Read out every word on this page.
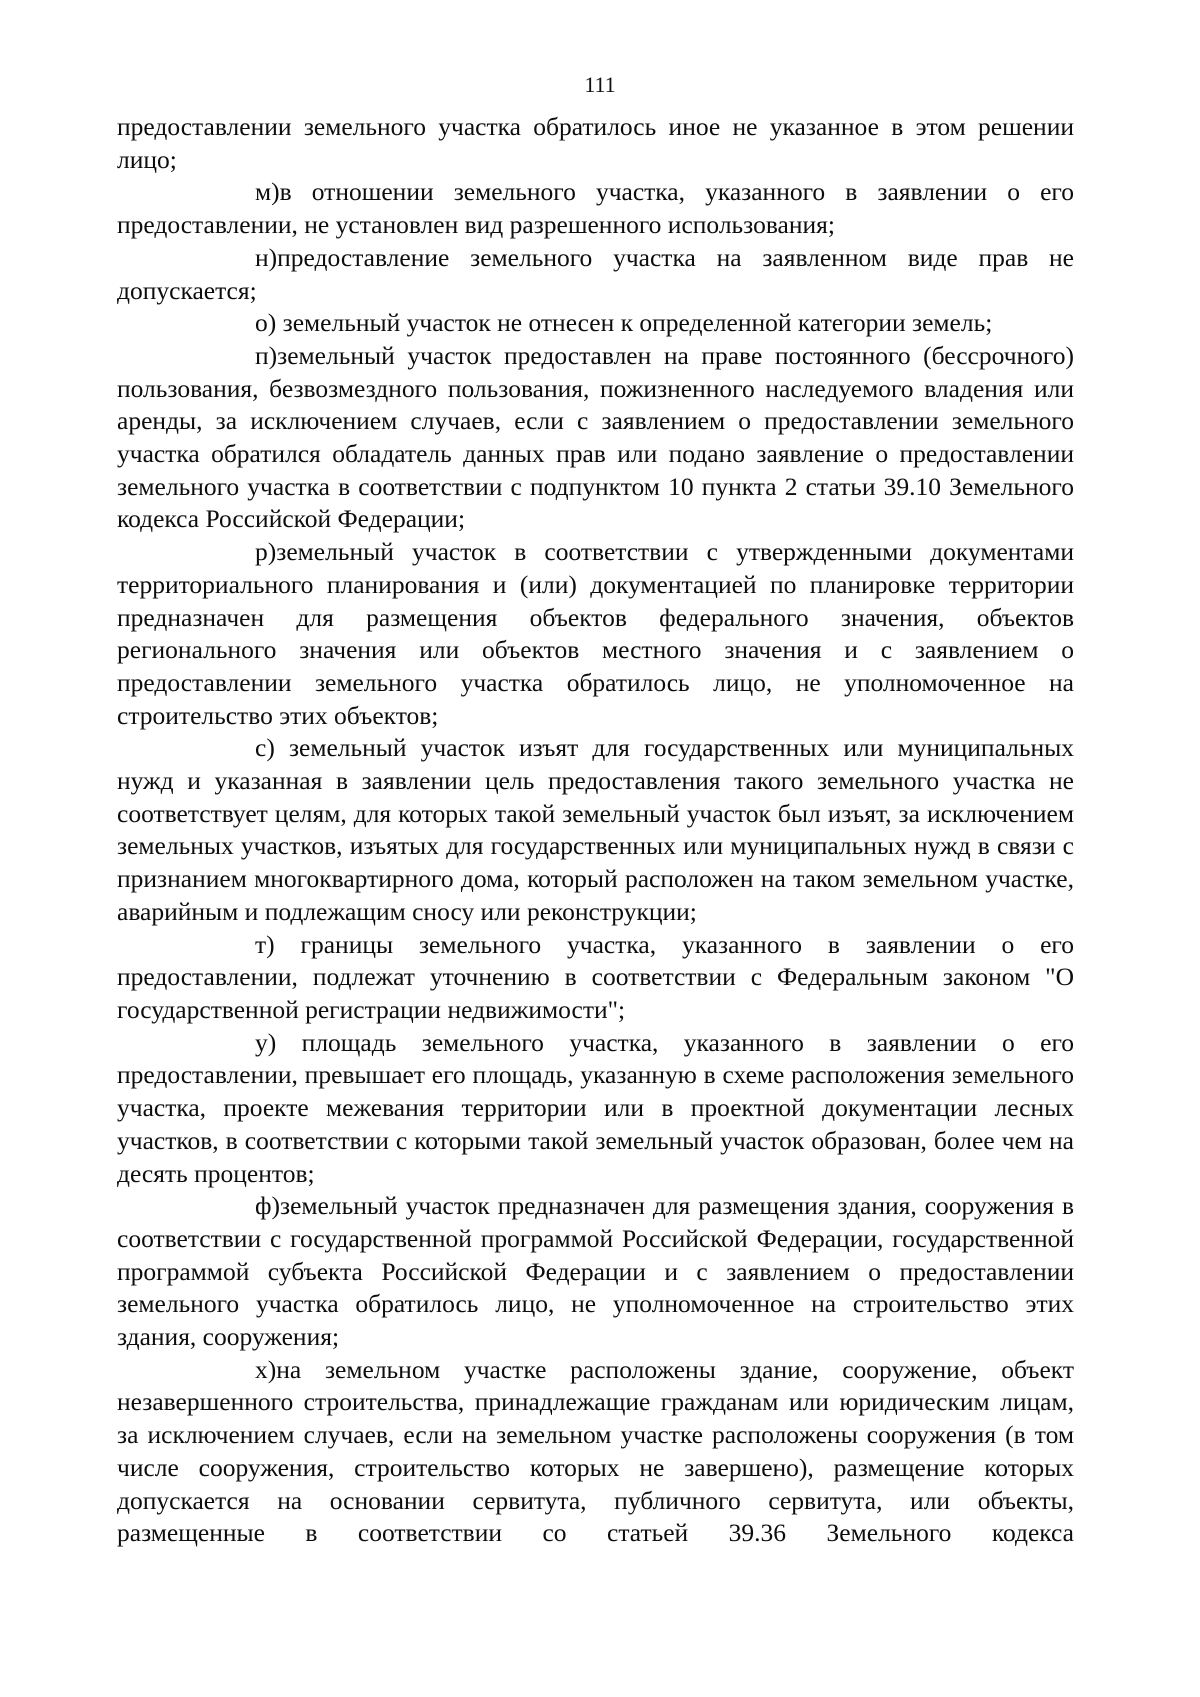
111

предоставлении земельного участка обратилось иное не указанное в этом решении лицо;

м)в отношении земельного участка, указанного в заявлении о его предоставлении, не установлен вид разрешенного использования;

н)предоставление земельного участка на заявленном виде прав не допускается;

о) земельный участок не отнесен к определенной категории земель;

п)земельный участок предоставлен на праве постоянного (бессрочного) пользования, безвозмездного пользования, пожизненного наследуемого владения или аренды, за исключением случаев, если с заявлением о предоставлении земельного участка обратился обладатель данных прав или подано заявление о предоставлении земельного участка в соответствии с подпунктом 10 пункта 2 статьи 39.10 Земельного кодекса Российской Федерации;

р)земельный участок в соответствии с утвержденными документами территориального планирования и (или) документацией по планировке территории предназначен для размещения объектов федерального значения, объектов регионального значения или объектов местного значения и с заявлением о предоставлении земельного участка обратилось лицо, не уполномоченное на строительство этих объектов;

с) земельный участок изъят для государственных или муниципальных нужд и указанная в заявлении цель предоставления такого земельного участка не соответствует целям, для которых такой земельный участок был изъят, за исключением земельных участков, изъятых для государственных или муниципальных нужд в связи с признанием многоквартирного дома, который расположен на таком земельном участке, аварийным и подлежащим сносу или реконструкции;

т) границы земельного участка, указанного в заявлении о его предоставлении, подлежат уточнению в соответствии с Федеральным законом "О государственной регистрации недвижимости";

у) площадь земельного участка, указанного в заявлении о его предоставлении, превышает его площадь, указанную в схеме расположения земельного участка, проекте межевания территории или в проектной документации лесных участков, в соответствии с которыми такой земельный участок образован, более чем на десять процентов;

ф)земельный участок предназначен для размещения здания, сооружения в соответствии с государственной программой Российской Федерации, государственной программой субъекта Российской Федерации и с заявлением о предоставлении земельного участка обратилось лицо, не уполномоченное на строительство этих здания, сооружения;

х)на земельном участке расположены здание, сооружение, объект незавершенного строительства, принадлежащие гражданам или юридическим лицам, за исключением случаев, если на земельном участке расположены сооружения (в том числе сооружения, строительство которых не завершено), размещение которых допускается на основании сервитута, публичного сервитута, или объекты, размещенные в соответствии со статьей 39.36 Земельного кодекса
